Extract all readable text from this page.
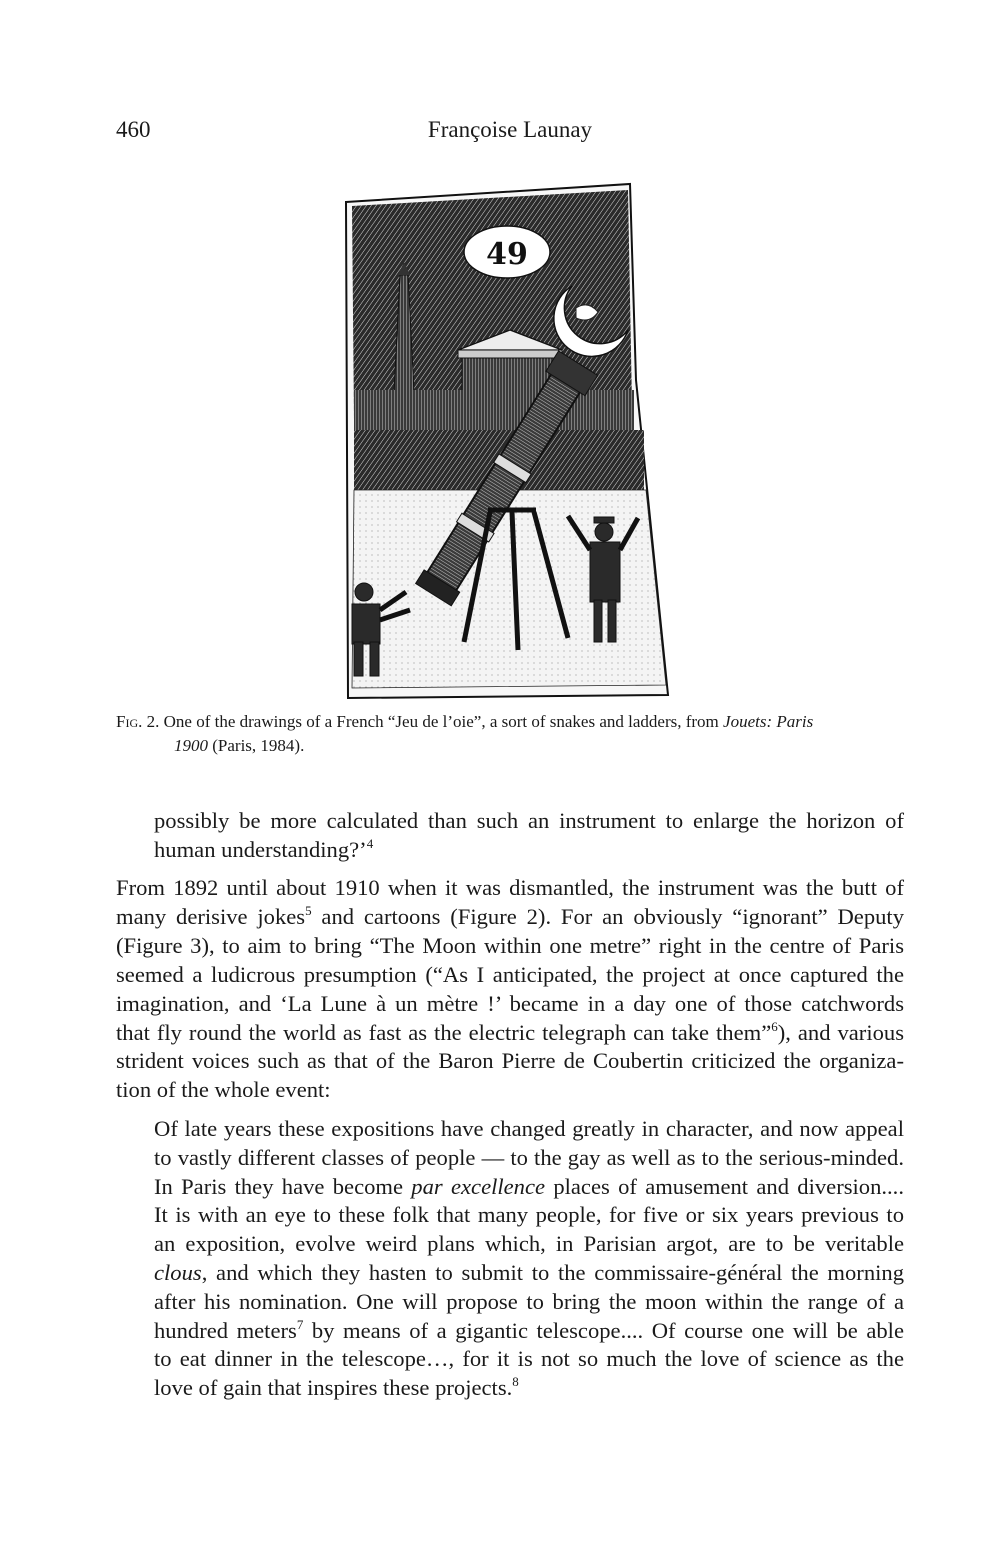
460	Françoise Launay
49
Fig. 2. One of the drawings of a French “Jeu de l’oie”, a sort of snakes and ladders, from Jouets: Paris
1900 (Paris, 1984).
possibly be more calculated than such an instrument to enlarge the horizon of
human understanding?’$^4$
From 1892 until about 1910 when it was dismantled, the instrument was the butt of
many derisive jokes$^5$ and cartoons (Figure 2). For an obviously “ignorant” Deputy
(Figure 3), to aim to bring “The Moon within one metre” right in the centre of Paris
seemed a ludicrous presumption (“As I anticipated, the project at once captured the
imagination, and ‘La Lune à un mètre !’ became in a day one of those catchwords
that fly round the world as fast as the electric telegraph can take them”$^6$), and various
strident voices such as that of the Baron Pierre de Coubertin criticized the organiza-
tion of the whole event:
Of late years these expositions have changed greatly in character, and now appeal
to vastly different classes of people — to the gay as well as to the serious-minded.
In Paris they have become par excellence places of amusement and diversion....
It is with an eye to these folk that many people, for five or six years previous to
an exposition, evolve weird plans which, in Parisian argot, are to be veritable
clous, and which they hasten to submit to the commissaire-général the morning
after his nomination. One will propose to bring the moon within the range of a
hundred meters$^7$ by means of a gigantic telescope.... Of course one will be able
to eat dinner in the telescope…, for it is not so much the love of science as the
love of gain that inspires these projects.$^8$
